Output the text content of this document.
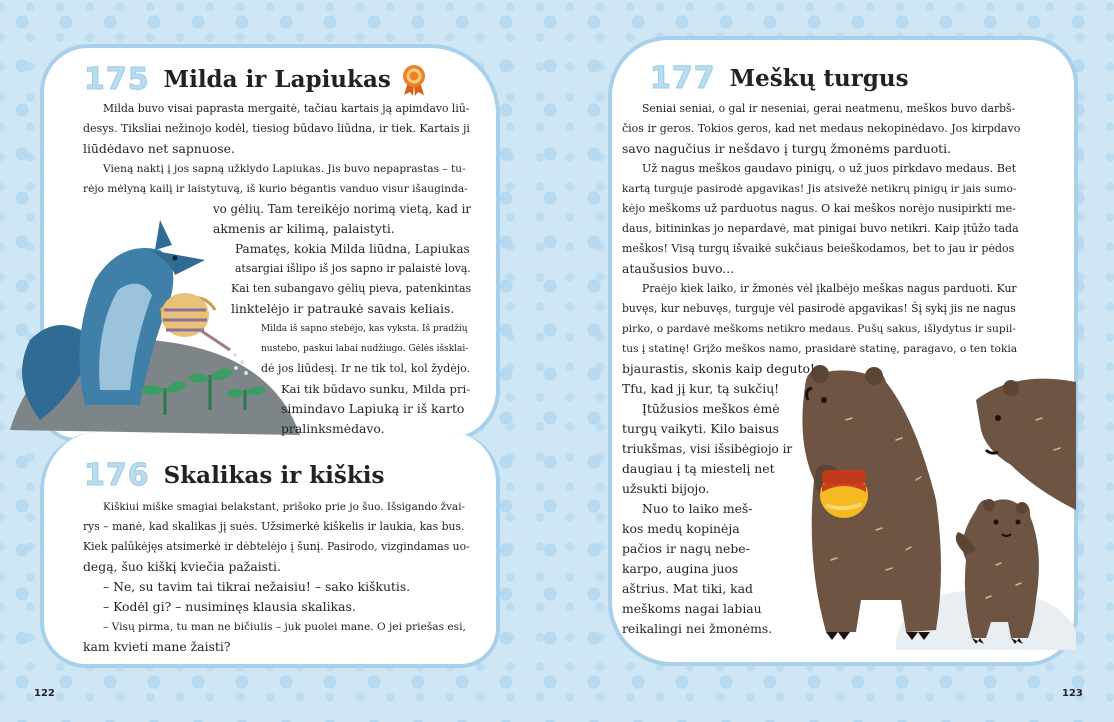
175 Milda ir Lapiukas
Milda buvo visai paprasta mergaitė, tačiau kartais ją apimdavo liū-
desys. Tiksliai nežinojo kodėl, tiesiog būdavo liūdna, ir tiek. Kartais ji
liūdėdavo net sapnuose.
Vieną naktį į jos sapną užklydo Lapiukas. Jis buvo nepaprastas – tu-
rėjo mėlyną kailį ir laistytuvą, iš kurio bėgantis vanduo visur išauginda-
vo gėlių. Tam tereikėjo norimą vietą, kad ir
akmenis ar kilimą, palaistyti.
Pamatęs, kokia Milda liūdna, Lapiukas
atsargiai išlipo iš jos sapno ir palaistė lovą.
Kai ten subangavo gėlių pieva, patenkintas
linktelėjo ir patraukė savais keliais.
Milda iš sapno stebėjo, kas vyksta. Iš pradžių
nustebo, paskui labai nudžiugo. Gėlės išsklai-
dė jos liūdesį. Ir ne tik tol, kol žydėjo.
Kai tik būdavo sunku, Milda pri-
simindavo Lapiuką ir iš karto
pralinksmėdavo.
176 Skalikas ir kiškis
Kiškiui miške smagiai belakstant, prišoko prie jo šuo. Išsigando žvai-
rys – manė, kad skalikas jį suės. Užsimerkė kiškelis ir laukia, kas bus.
Kiek palūkėjęs atsimerkė ir dėbtelėjo į šunį. Pasirodo, vizgindamas uo-
degą, šuo kiškį kviečia pažaisti.
– Ne, su tavim tai tikrai nežaisiu! – sako kiškutis.
– Kodėl gi? – nusiminęs klausia skalikas.
– Visų pirma, tu man ne bičiulis – juk puolei mane. O jei priešas esi,
kam kvieti mane žaisti?
122
177 Meškų turgus
Seniai seniai, o gal ir neseniai, gerai neatmenu, meškos buvo darbš-
čios ir geros. Tokios geros, kad net medaus nekopinėdavo. Jos kirpdavo
savo nagučius ir nešdavo į turgų žmonėms parduoti.
Už nagus meškos gaudavo pinigų, o už juos pirkdavo medaus. Bet
kartą turguje pasirodė apgavikas! Jis atsivežė netikrų pinigų ir jais sumo-
kėjo meškoms už parduotus nagus. O kai meškos norėjo nusipirkti me-
daus, bitininkas jo nepardavė, mat pinigai buvo netikri. Kaip įtūžo tada
meškos! Visą turgų išvaikė sukčiaus beieškodamos, bet to jau ir pėdos
ataušusios buvo...
Praėjo kiek laiko, ir žmonės vėl įkalbėjo meškas nagus parduoti. Kur
buvęs, kur nebuvęs, turguje vėl pasirodė apgavikas! Šį sykį jis ne nagus
pirko, o pardavė meškoms netikro medaus. Pušų sakus, išlydytus ir supil-
tus į statinę! Grįžo meškos namo, prasidarė statinę, paragavo, o ten tokia
bjaurastis, skonis kaip deguto!
Tfu, kad jį kur, tą sukčių!
Įtūžusios meškos ėmė
turgų vaikyti. Kilo baisus
triukšmas, visi išsibėgiojo ir
daugiau į tą miestelį net
užsukti bijojo.
Nuo to laiko meš-
kos medų kopinėja
pačios ir nagų nebe-
karpo, augina juos
aštrius. Mat tiki, kad
meškoms nagai labiau
reikalingi nei žmonėms.
123
